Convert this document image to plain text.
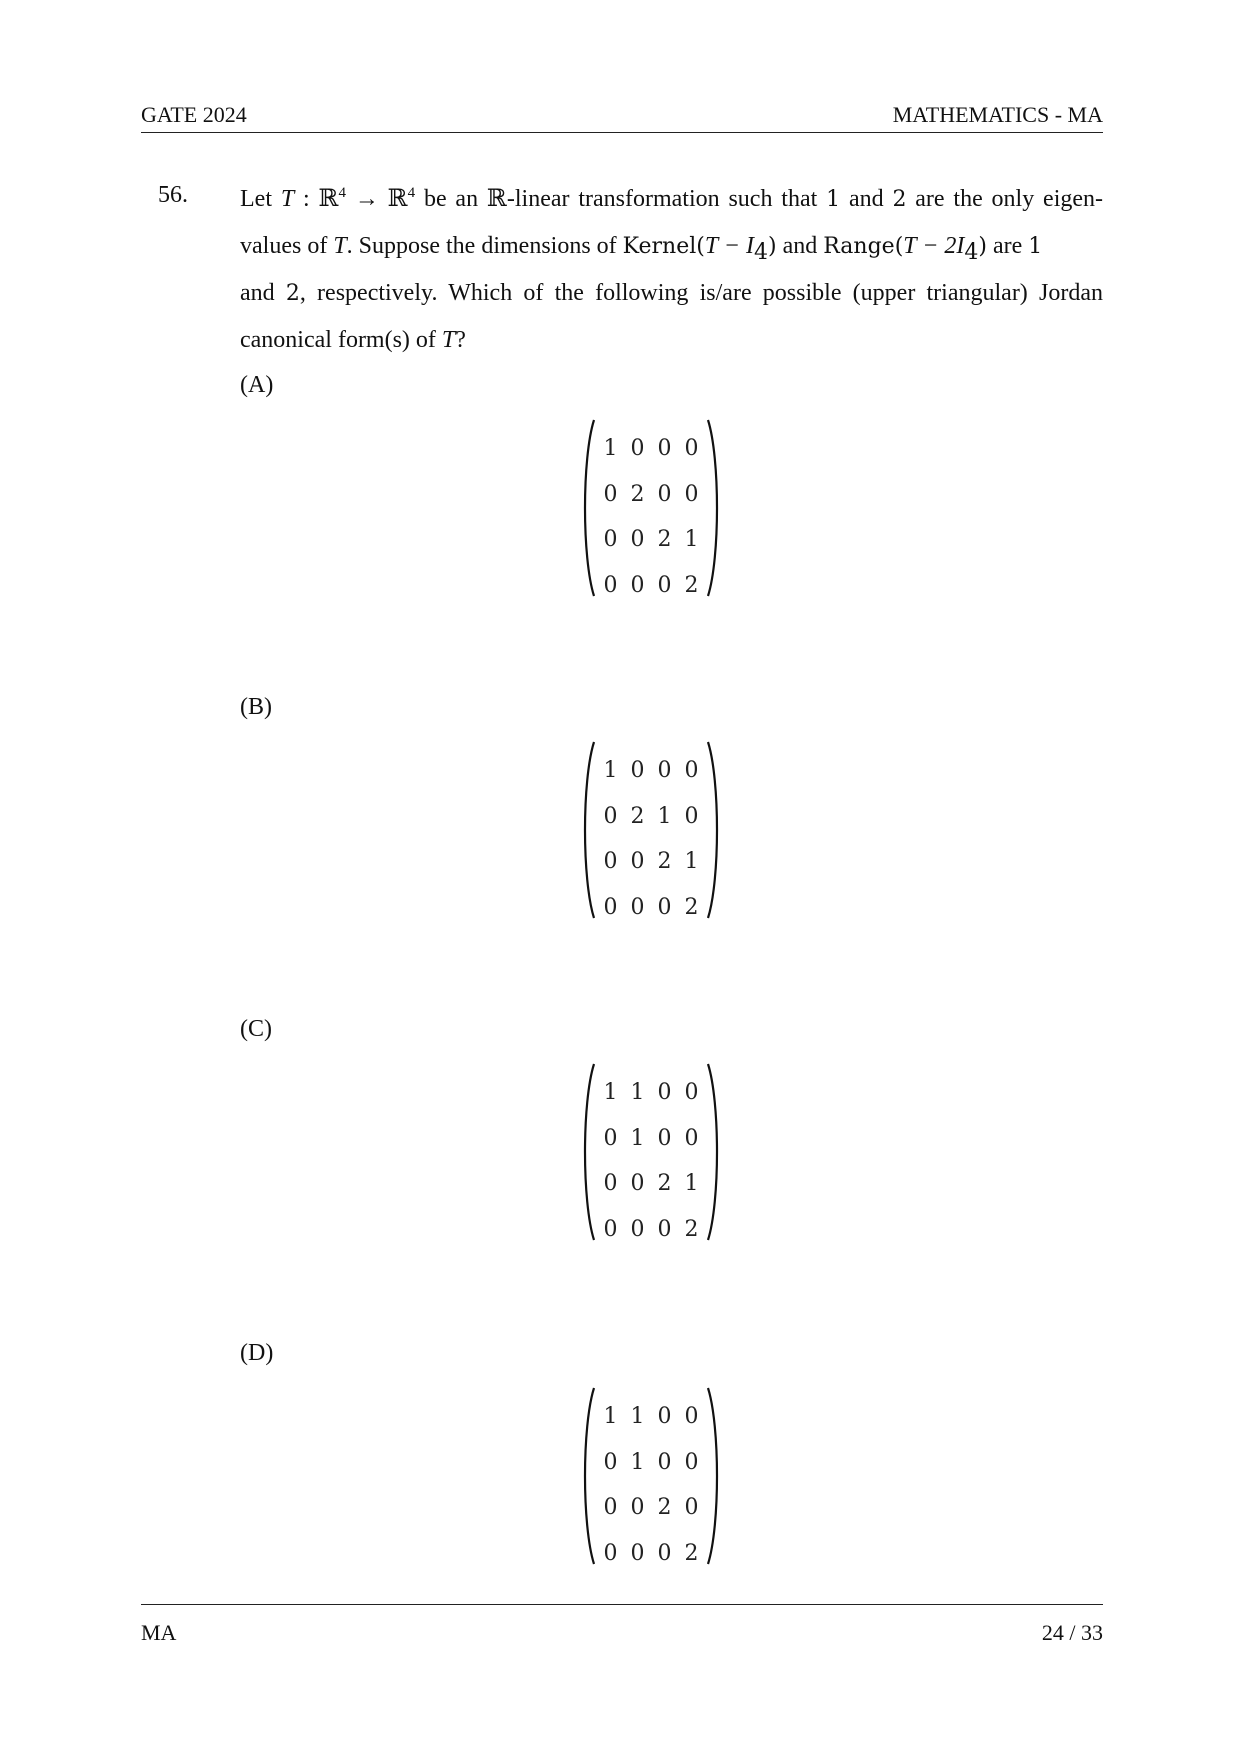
GATE 2024	MATHEMATICS - MA
56. Let T : ℝ$^4$ → ℝ$^4$ be an ℝ-linear transformation such that 1 and 2 are the only eigenvalues of T. Suppose the dimensions of Kernel(T − $I_4$) and Range(T − $2I_4$) are 1
and 2, respectively. Which of the following is/are possible (upper triangular) Jordan canonical form(s) of T?
(A)
1 0 0 0
0 2 0 0
0 0 2 1
0 0 0 2
(B)
1 0 0 0
0 2 1 0
0 0 2 1
0 0 0 2
(C)
1 1 0 0
0 1 0 0
0 0 2 1
0 0 0 2
(D)
1 1 0 0
0 1 0 0
0 0 2 0
0 0 0 2
MA	24 / 33
